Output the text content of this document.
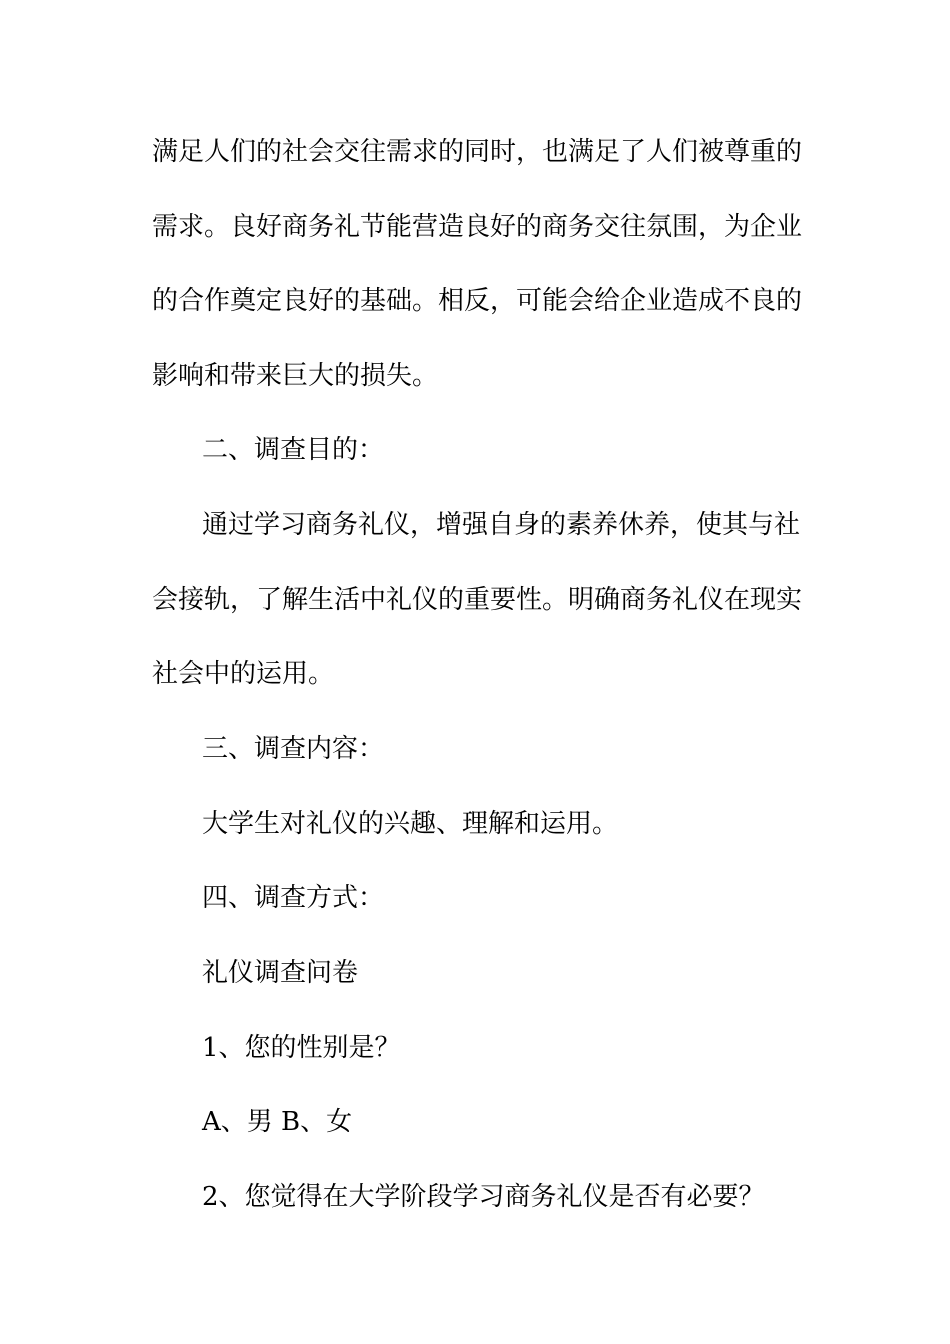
满足人们的社会交往需求的同时，也满足了人们被尊重的
需求。良好商务礼节能营造良好的商务交往氛围，为企业
的合作奠定良好的基础。相反，可能会给企业造成不良的
影响和带来巨大的损失。
二、调查目的：
通过学习商务礼仪，增强自身的素养休养，使其与社
会接轨，了解生活中礼仪的重要性。明确商务礼仪在现实
社会中的运用。
三、调查内容：
大学生对礼仪的兴趣、理解和运用。
四、调查方式：
礼仪调查问卷
1、您的性别是？
A、男 B、女
2、您觉得在大学阶段学习商务礼仪是否有必要？
